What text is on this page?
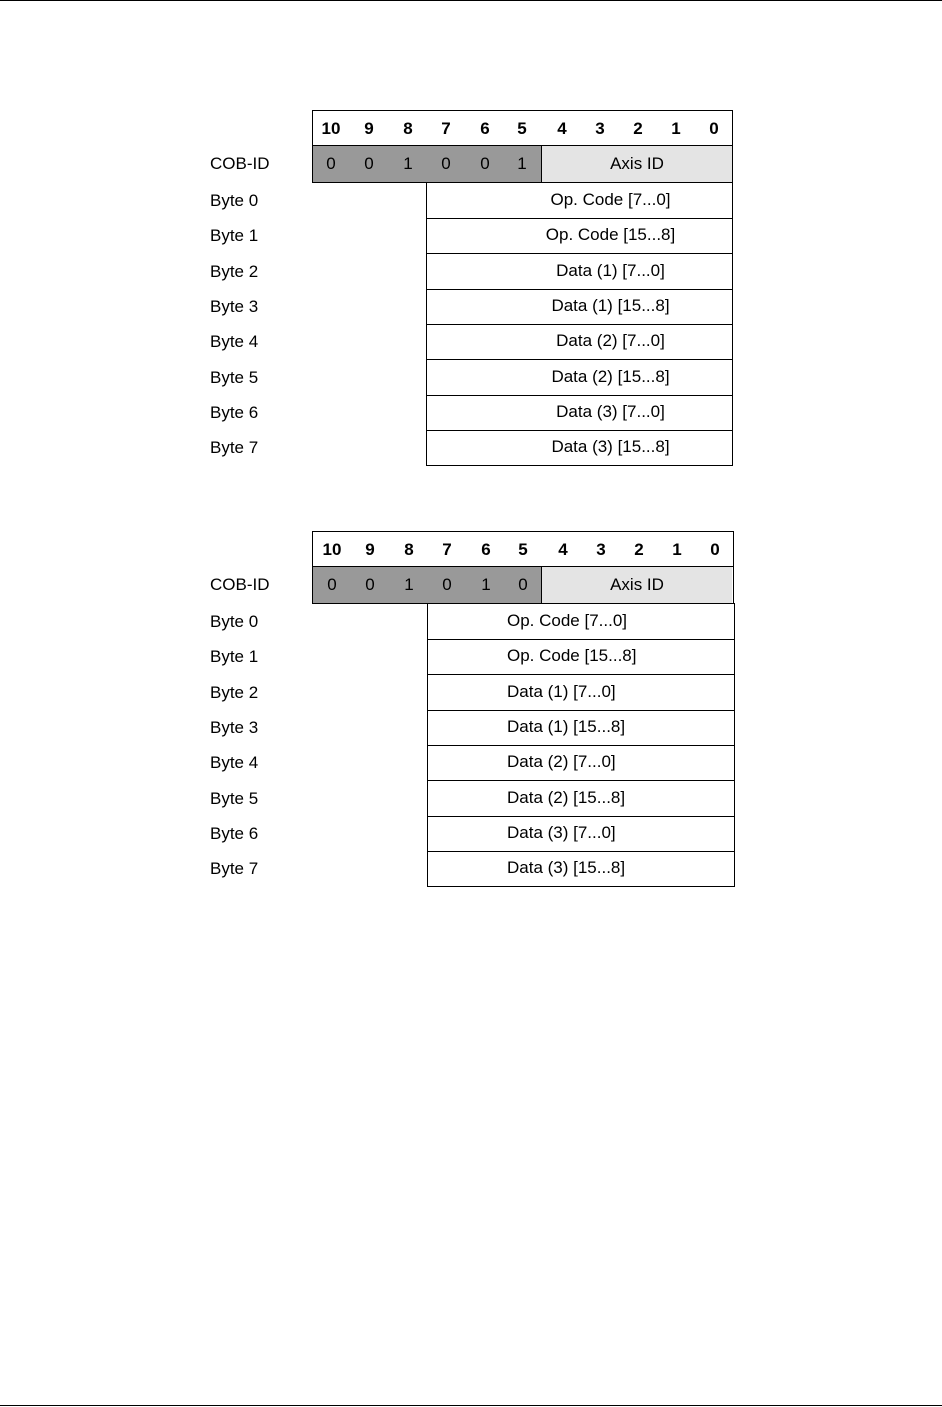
10	9	8	7	6	5	4	3	2	1	0
COB-ID	0	0	1	0	0	1	Axis ID
Byte 0	Op. Code [7...0]
Byte 1	Op. Code [15...8]
Byte 2	Data (1) [7...0]
Byte 3	Data (1) [15...8]
Byte 4	Data (2) [7...0]
Byte 5	Data (2) [15...8]
Byte 6	Data (3) [7...0]
Byte 7	Data (3) [15...8]
10	9	8	7	6	5	4	3	2	1	0
COB-ID	0	0	1	0	1	0	Axis ID
Byte 0	Op. Code [7...0]
Byte 1	Op. Code [15...8]
Byte 2	Data (1) [7...0]
Byte 3	Data (1) [15...8]
Byte 4	Data (2) [7...0]
Byte 5	Data (2) [15...8]
Byte 6	Data (3) [7...0]
Byte 7	Data (3) [15...8]
